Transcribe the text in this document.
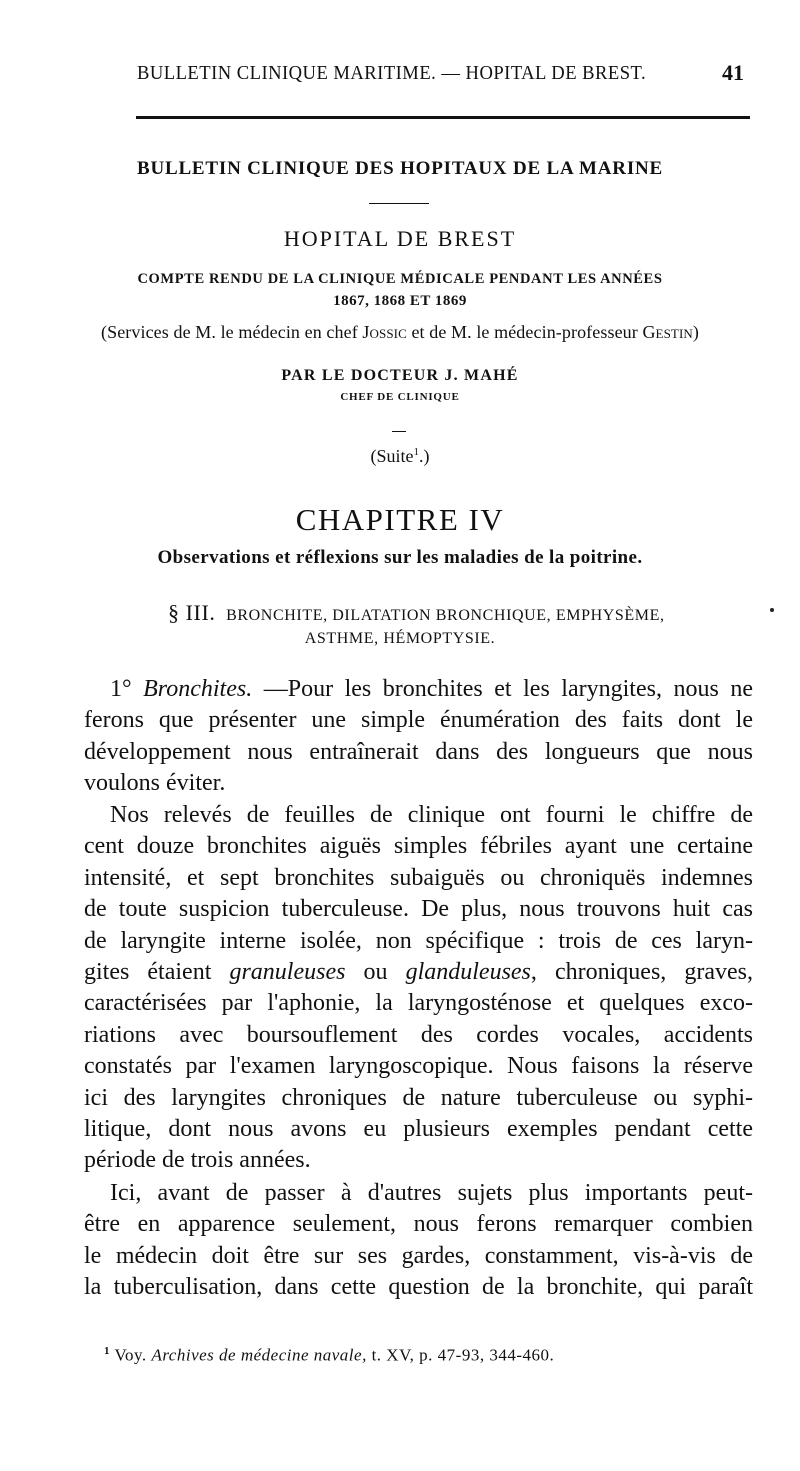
BULLETIN CLINIQUE MARITIME. — HOPITAL DE BREST.	41
BULLETIN CLINIQUE DES HOPITAUX DE LA MARINE
HOPITAL DE BREST
COMPTE RENDU DE LA CLINIQUE MÉDICALE PENDANT LES ANNÉES
1867, 1868 ET 1869
(Services de M. le médecin en chef Jossic et de M. le médecin-professeur Gestin)
PAR LE DOCTEUR J. MAHÉ
CHEF DE CLINIQUE
(Suite$^1$.)
CHAPITRE IV
Observations et réflexions sur les maladies de la poitrine.
§ III. BRONCHITE, DILATATION BRONCHIQUE, EMPHYSÈME,
ASTHME, HÉMOPTYSIE.
1° Bronchites. —Pour les bronchites et les laryngites, nous ne
ferons que présenter une simple énumération des faits dont le
développement nous entraînerait dans des longueurs que nous
voulons éviter.
Nos relevés de feuilles de clinique ont fourni le chiffre de
cent douze bronchites aiguës simples fébriles ayant une certaine
intensité, et sept bronchites subaiguës ou chroniquës indemnes
de toute suspicion tuberculeuse. De plus, nous trouvons huit cas
de laryngite interne isolée, non spécifique : trois de ces laryn-
gites étaient granuleuses ou glanduleuses, chroniques, graves,
caractérisées par l'aphonie, la laryngosténose et quelques exco-
riations avec boursouflement des cordes vocales, accidents
constatés par l'examen laryngoscopique. Nous faisons la réserve
ici des laryngites chroniques de nature tuberculeuse ou syphi-
litique, dont nous avons eu plusieurs exemples pendant cette
période de trois années.
Ici, avant de passer à d'autres sujets plus importants peut-
être en apparence seulement, nous ferons remarquer combien
le médecin doit être sur ses gardes, constamment, vis-à-vis de
la tuberculisation, dans cette question de la bronchite, qui paraît
$^1$ Voy. Archives de médecine navale, t. XV, p. 47-93, 344-460.
